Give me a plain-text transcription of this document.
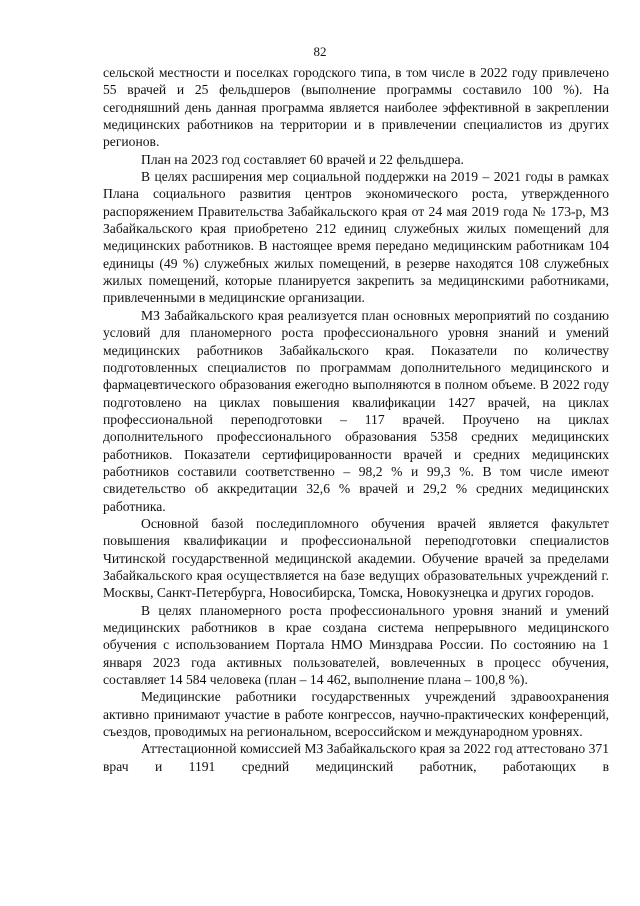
82

сельской местности и поселках городского типа, в том числе в 2022 году привлечено 55 врачей и 25 фельдшеров (выполнение программы составило 100 %). На сегодняшний день данная программа является наиболее эффективной в закреплении медицинских работников на территории и в привлечении специалистов из других регионов.

План на 2023 год составляет 60 врачей и 22 фельдшера.

В целях расширения мер социальной поддержки на 2019 – 2021 годы в рамках Плана социального развития центров экономического роста, утвержденного распоряжением Правительства Забайкальского края от 24 мая 2019 года № 173-р, МЗ Забайкальского края приобретено 212 единиц служебных жилых помещений для медицинских работников. В настоящее время передано медицинским работникам 104 единицы (49 %) служебных жилых помещений, в резерве находятся 108 служебных жилых помещений, которые планируется закрепить за медицинскими работниками, привлеченными в медицинские организации.

МЗ Забайкальского края реализуется план основных мероприятий по созданию условий для планомерного роста профессионального уровня знаний и умений медицинских работников Забайкальского края. Показатели по количеству подготовленных специалистов по программам дополнительного медицинского и фармацевтического образования ежегодно выполняются в полном объеме. В 2022 году подготовлено на циклах повышения квалификации 1427 врачей, на циклах профессиональной переподготовки – 117 врачей. Проучено на циклах дополнительного профессионального образования 5358 средних медицинских работников. Показатели сертифицированности врачей и средних медицинских работников составили соответственно – 98,2 % и 99,3 %. В том числе имеют свидетельство об аккредитации 32,6 % врачей и 29,2 % средних медицинских работника.

Основной базой последипломного обучения врачей является факультет повышения квалификации и профессиональной переподготовки специалистов Читинской государственной медицинской академии. Обучение врачей за пределами Забайкальского края осуществляется на базе ведущих образовательных учреждений г. Москвы, Санкт-Петербурга, Новосибирска, Томска, Новокузнецка и других городов.

В целях планомерного роста профессионального уровня знаний и умений медицинских работников в крае создана система непрерывного медицинского обучения с использованием Портала НМО Минздрава России. По состоянию на 1 января 2023 года активных пользователей, вовлеченных в процесс обучения, составляет 14 584 человека (план – 14 462, выполнение плана – 100,8 %).

Медицинские работники государственных учреждений здравоохранения активно принимают участие в работе конгрессов, научно-практических конференций, съездов, проводимых на региональном, всероссийском и международном уровнях.

Аттестационной комиссией МЗ Забайкальского края за 2022 год аттестовано 371 врач и 1191 средний медицинский работник, работающих в
